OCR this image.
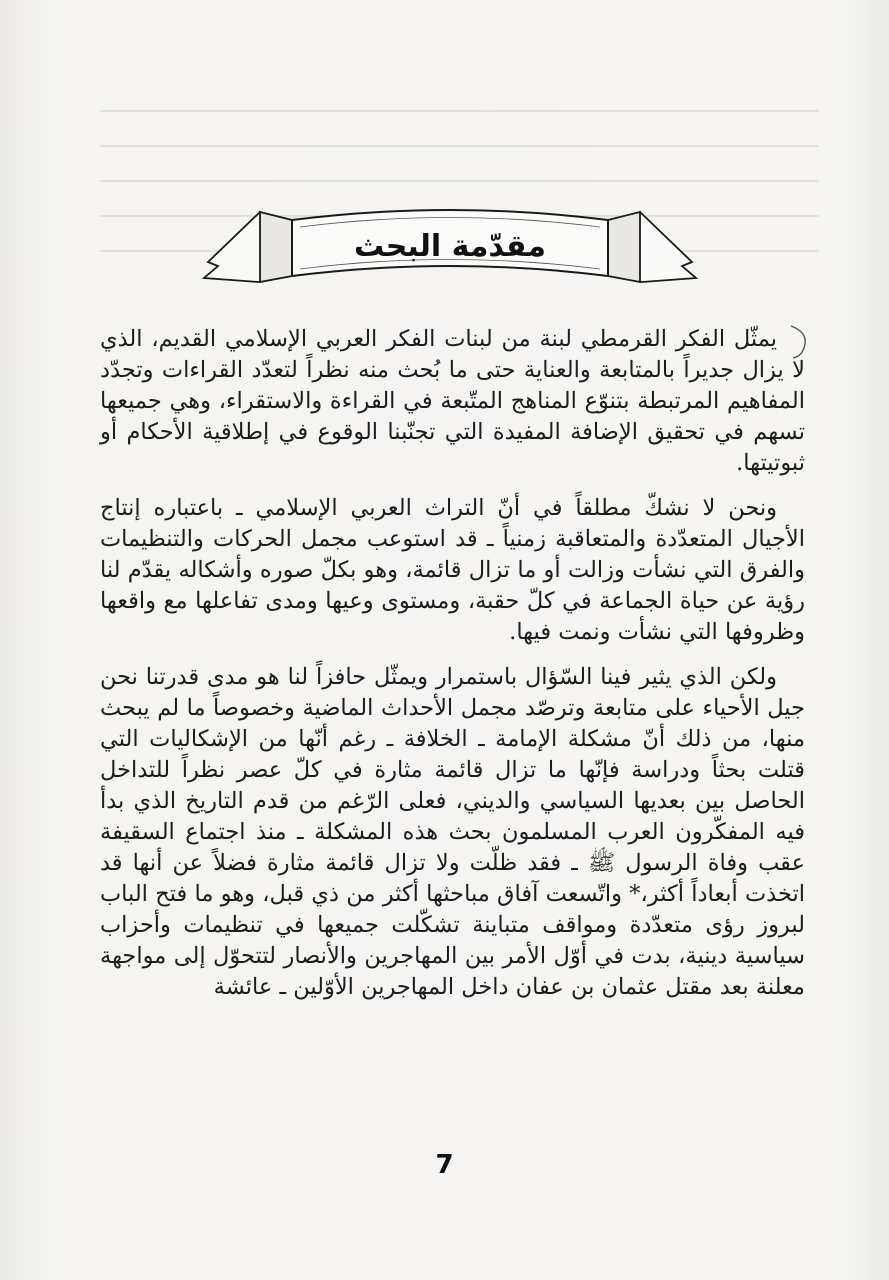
مقدّمة البحث

يمثّل الفكر القرمطي لبنة من لبنات الفكر العربي الإسلامي القديم، الذي لا يزال جديراً بالمتابعة والعناية حتى ما بُحث منه نظراً لتعدّد القراءات وتجدّد المفاهيم المرتبطة بتنوّع المناهج المتّبعة في القراءة والاستقراء، وهي جميعها تسهم في تحقيق الإضافة المفيدة التي تجنّبنا الوقوع في إطلاقية الأحكام أو ثبوتيتها.

ونحن لا نشكّ مطلقاً في أنّ التراث العربي الإسلامي ـ باعتباره إنتاج الأجيال المتعدّدة والمتعاقبة زمنياً ـ قد استوعب مجمل الحركات والتنظيمات والفرق التي نشأت وزالت أو ما تزال قائمة، وهو بكلّ صوره وأشكاله يقدّم لنا رؤية عن حياة الجماعة في كلّ حقبة، ومستوى وعيها ومدى تفاعلها مع واقعها وظروفها التي نشأت ونمت فيها.

ولكن الذي يثير فينا السّؤال باستمرار ويمثّل حافزاً لنا هو مدى قدرتنا نحن جيل الأحياء على متابعة وترصّد مجمل الأحداث الماضية وخصوصاً ما لم يبحث منها، من ذلك أنّ مشكلة الإمامة ـ الخلافة ـ رغم أنّها من الإشكاليات التي قتلت بحثاً ودراسة فإنّها ما تزال قائمة مثارة في كلّ عصر نظراً للتداخل الحاصل بين بعديها السياسي والديني، فعلى الرّغم من قدم التاريخ الذي بدأ فيه المفكّرون العرب المسلمون بحث هذه المشكلة ـ منذ اجتماع السقيفة عقب وفاة الرسول ﷺ ـ فقد ظلّت ولا تزال قائمة مثارة فضلاً عن أنها قد اتخذت أبعاداً أكثر،* واتّسعت آفاق مباحثها أكثر من ذي قبل، وهو ما فتح الباب لبروز رؤى متعدّدة ومواقف متباينة تشكّلت جميعها في تنظيمات وأحزاب سياسية دينية، بدت في أوّل الأمر بين المهاجرين والأنصار لتتحوّل إلى مواجهة معلنة بعد مقتل عثمان بن عفان داخل المهاجرين الأوّلين ـ عائشة

7
